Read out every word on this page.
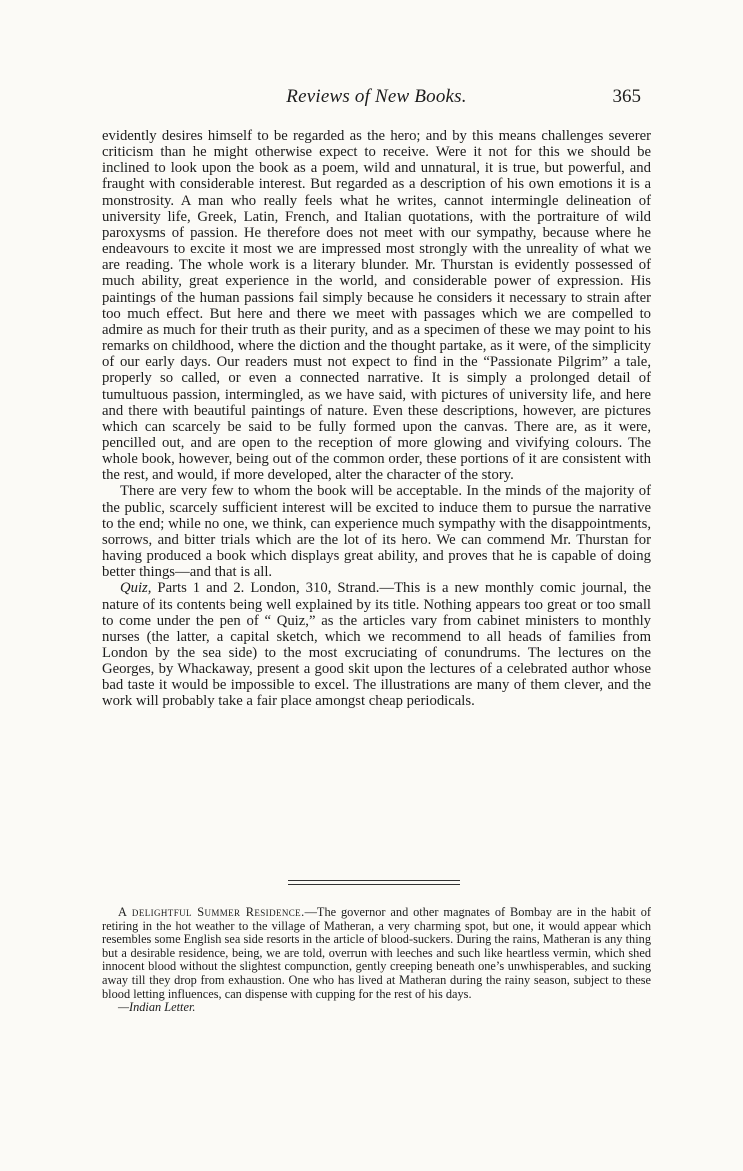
Reviews of New Books.	365

evidently desires himself to be regarded as the hero; and by this means challenges severer criticism than he might otherwise expect to receive. Were it not for this we should be inclined to look upon the book as a poem, wild and unnatural, it is true, but powerful, and fraught with considerable interest. But regarded as a description of his own emotions it is a monstrosity. A man who really feels what he writes, cannot intermingle delineation of university life, Greek, Latin, French, and Italian quotations, with the portraiture of wild paroxysms of passion. He therefore does not meet with our sympathy, because where he endeavours to excite it most we are impressed most strongly with the unreality of what we are reading. The whole work is a literary blunder. Mr. Thurstan is evidently possessed of much ability, great experience in the world, and considerable power of expression. His paintings of the human passions fail simply because he considers it necessary to strain after too much effect. But here and there we meet with passages which we are compelled to admire as much for their truth as their purity, and as a specimen of these we may point to his remarks on childhood, where the diction and the thought partake, as it were, of the simplicity of our early days. Our readers must not expect to find in the “Passionate Pilgrim” a tale, properly so called, or even a connected narrative. It is simply a prolonged detail of tumultuous passion, intermingled, as we have said, with pictures of university life, and here and there with beautiful paintings of nature. Even these descriptions, however, are pictures which can scarcely be said to be fully formed upon the canvas. There are, as it were, pencilled out, and are open to the reception of more glowing and vivifying colours. The whole book, however, being out of the common order, these portions of it are consistent with the rest, and would, if more developed, alter the character of the story.

There are very few to whom the book will be acceptable. In the minds of the majority of the public, scarcely sufficient interest will be excited to induce them to pursue the narrative to the end; while no one, we think, can experience much sympathy with the disappointments, sorrows, and bitter trials which are the lot of its hero. We can commend Mr. Thurstan for having produced a book which displays great ability, and proves that he is capable of doing better things—and that is all.

Quiz, Parts 1 and 2. London, 310, Strand.—This is a new monthly comic journal, the nature of its contents being well explained by its title. Nothing appears too great or too small to come under the pen of “ Quiz,” as the articles vary from cabinet ministers to monthly nurses (the latter, a capital sketch, which we recommend to all heads of families from London by the sea side) to the most excruciating of conundrums. The lectures on the Georges, by Whackaway, present a good skit upon the lectures of a celebrated author whose bad taste it would be impossible to excel. The illustrations are many of them clever, and the work will probably take a fair place amongst cheap periodicals.

A delightful Summer Residence.—The governor and other magnates of Bombay are in the habit of retiring in the hot weather to the village of Matheran, a very charming spot, but one, it would appear which resembles some English sea side resorts in the article of blood-suckers. During the rains, Matheran is any thing but a desirable residence, being, we are told, overrun with leeches and such like heartless vermin, which shed innocent blood without the slightest compunction, gently creeping beneath one’s unwhisperables, and sucking away till they drop from exhaustion. One who has lived at Matheran during the rainy season, subject to these blood letting influences, can dispense with cupping for the rest of his days.
—Indian Letter.
